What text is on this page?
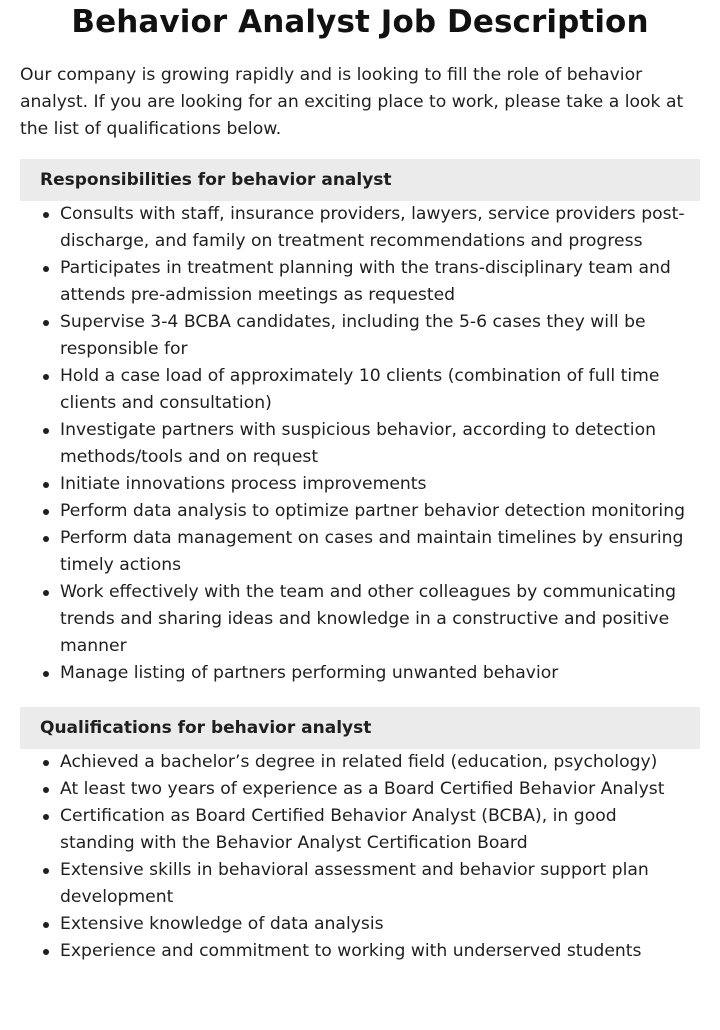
Behavior Analyst Job Description

Our company is growing rapidly and is looking to fill the role of behavior analyst. If you are looking for an exciting place to work, please take a look at the list of qualifications below.

Responsibilities for behavior analyst
Consults with staff, insurance providers, lawyers, service providers post-discharge, and family on treatment recommendations and progress
Participates in treatment planning with the trans-disciplinary team and attends pre-admission meetings as requested
Supervise 3-4 BCBA candidates, including the 5-6 cases they will be responsible for
Hold a case load of approximately 10 clients (combination of full time clients and consultation)
Investigate partners with suspicious behavior, according to detection methods/tools and on request
Initiate innovations process improvements
Perform data analysis to optimize partner behavior detection monitoring
Perform data management on cases and maintain timelines by ensuring timely actions
Work effectively with the team and other colleagues by communicating trends and sharing ideas and knowledge in a constructive and positive manner
Manage listing of partners performing unwanted behavior
Qualifications for behavior analyst
Achieved a bachelor’s degree in related field (education, psychology)
At least two years of experience as a Board Certified Behavior Analyst
Certification as Board Certified Behavior Analyst (BCBA), in good standing with the Behavior Analyst Certification Board
Extensive skills in behavioral assessment and behavior support plan development
Extensive knowledge of data analysis
Experience and commitment to working with underserved students
